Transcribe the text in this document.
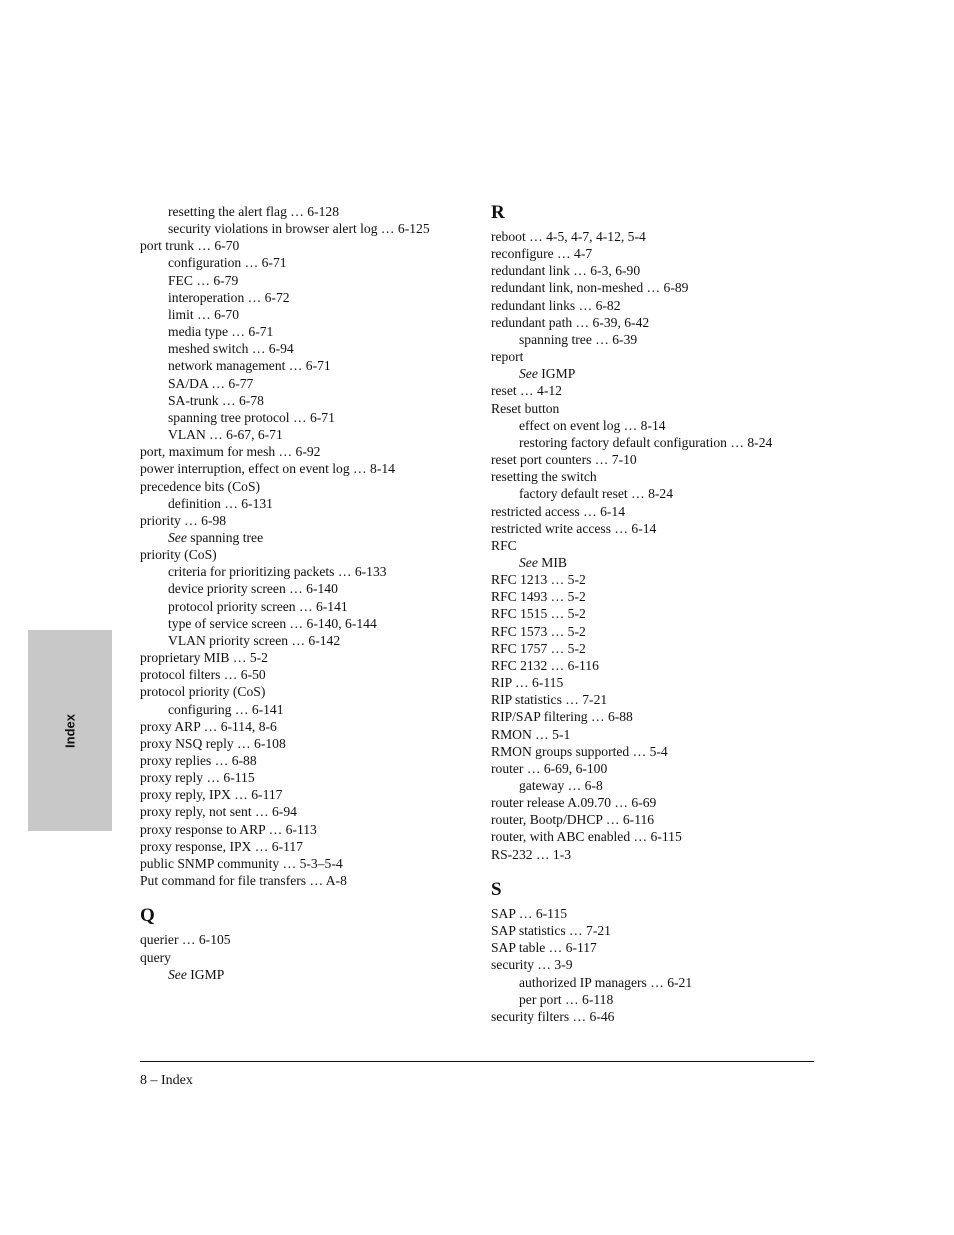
resetting the alert flag … 6-128
security violations in browser alert log … 6-125
port trunk … 6-70
configuration … 6-71
FEC … 6-79
interoperation … 6-72
limit … 6-70
media type … 6-71
meshed switch … 6-94
network management … 6-71
SA/DA … 6-77
SA-trunk … 6-78
spanning tree protocol … 6-71
VLAN … 6-67, 6-71
port, maximum for mesh … 6-92
power interruption, effect on event log … 8-14
precedence bits (CoS)
definition … 6-131
priority … 6-98
See spanning tree
priority (CoS)
criteria for prioritizing packets … 6-133
device priority screen … 6-140
protocol priority screen … 6-141
type of service screen … 6-140, 6-144
VLAN priority screen … 6-142
proprietary MIB … 5-2
protocol filters … 6-50
protocol priority (CoS)
configuring … 6-141
proxy ARP … 6-114, 8-6
proxy NSQ reply … 6-108
proxy replies … 6-88
proxy reply … 6-115
proxy reply, IPX … 6-117
proxy reply, not sent … 6-94
proxy response to ARP … 6-113
proxy response, IPX … 6-117
public SNMP community … 5-3–5-4
Put command for file transfers … A-8
Q
querier … 6-105
query
See IGMP
R
reboot … 4-5, 4-7, 4-12, 5-4
reconfigure … 4-7
redundant link … 6-3, 6-90
redundant link, non-meshed … 6-89
redundant links … 6-82
redundant path … 6-39, 6-42
spanning tree … 6-39
report
See IGMP
reset … 4-12
Reset button
effect on event log … 8-14
restoring factory default configuration … 8-24
reset port counters … 7-10
resetting the switch
factory default reset … 8-24
restricted access … 6-14
restricted write access … 6-14
RFC
See MIB
RFC 1213 … 5-2
RFC 1493 … 5-2
RFC 1515 … 5-2
RFC 1573 … 5-2
RFC 1757 … 5-2
RFC 2132 … 6-116
RIP … 6-115
RIP statistics … 7-21
RIP/SAP filtering … 6-88
RMON … 5-1
RMON groups supported … 5-4
router … 6-69, 6-100
gateway … 6-8
router release A.09.70 … 6-69
router, Bootp/DHCP … 6-116
router, with ABC enabled … 6-115
RS-232 … 1-3
S
SAP … 6-115
SAP statistics … 7-21
SAP table … 6-117
security … 3-9
authorized IP managers … 6-21
per port … 6-118
security filters … 6-46
Index
8 – Index
